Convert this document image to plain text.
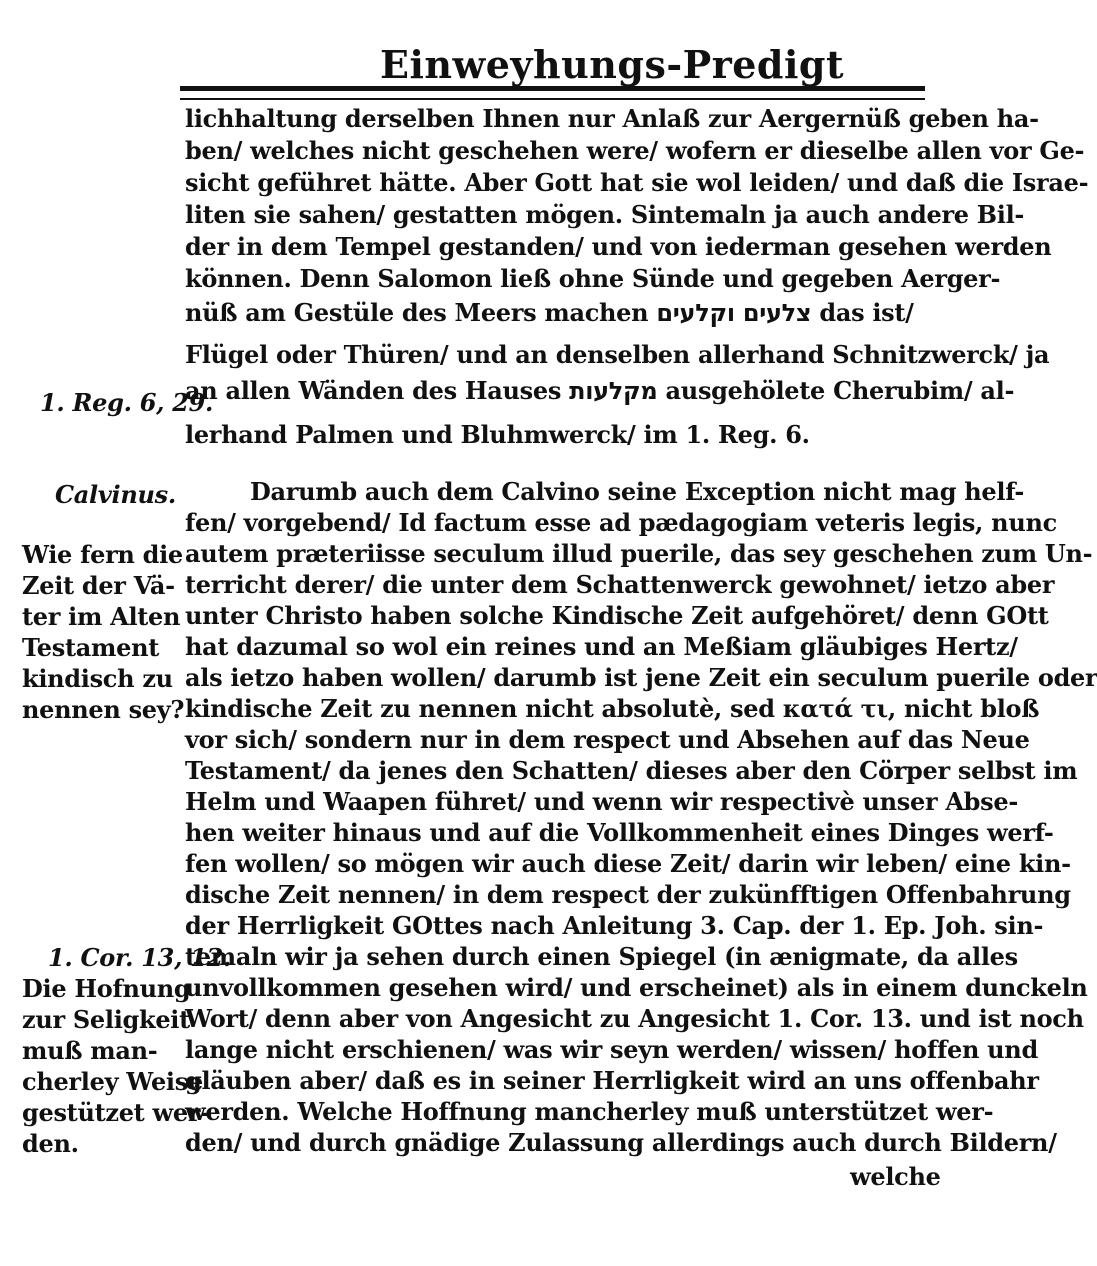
Einweyhungs-Predigt
lichhaltung derselben Ihnen nur Anlaß zur Aergernüß geben ha-
ben/ welches nicht geschehen were/ wofern er dieselbe allen vor Ge-
sicht geführet hätte. Aber Gott hat sie wol leiden/ und daß die Israe-
liten sie sahen/ gestatten mögen. Sintemaln ja auch andere Bil-
der in dem Tempel gestanden/ und von iederman gesehen werden
können. Denn Salomon ließ ohne Sünde und gegeben Aerger-
nüß am Gestüle des Meers machen צלעים וקלעים das ist/
Flügel oder Thüren/ und an denselben allerhand Schnitzwerck/ ja
an allen Wänden des Hauses מקלעות ausgehölete Cherubim/ al-
lerhand Palmen und Bluhmwerck/ im 1. Reg. 6.
Darumb auch dem Calvino seine Exception nicht mag helf-
fen/ vorgebend/ Id factum esse ad pædagogiam veteris legis, nunc
autem præteriisse seculum illud puerile, das sey geschehen zum Un-
terricht derer/ die unter dem Schattenwerck gewohnet/ ietzo aber
unter Christo haben solche Kindische Zeit aufgehöret/ denn GOtt
hat dazumal so wol ein reines und an Meßiam gläubiges Hertz/
als ietzo haben wollen/ darumb ist jene Zeit ein seculum puerile oder
kindische Zeit zu nennen nicht absolutè, sed κατά τι, nicht bloß
vor sich/ sondern nur in dem respect und Absehen auf das Neue
Testament/ da jenes den Schatten/ dieses aber den Cörper selbst im
Helm und Waapen führet/ und wenn wir respectivè unser Abse-
hen weiter hinaus und auf die Vollkommenheit eines Dinges werf-
fen wollen/ so mögen wir auch diese Zeit/ darin wir leben/ eine kin-
dische Zeit nennen/ in dem respect der zukünfftigen Offenbahrung
der Herrligkeit GOttes nach Anleitung 3. Cap. der 1. Ep. Joh. sin-
temaln wir ja sehen durch einen Spiegel (in ænigmate, da alles
unvollkommen gesehen wird/ und erscheinet) als in einem dunckeln
Wort/ denn aber von Angesicht zu Angesicht 1. Cor. 13. und ist noch
lange nicht erschienen/ was wir seyn werden/ wissen/ hoffen und
gläuben aber/ daß es in seiner Herrligkeit wird an uns offenbahr
werden. Welche Hoffnung mancherley muß unterstützet wer-
den/ und durch gnädige Zulassung allerdings auch durch Bildern/
welche
1. Reg. 6, 29.
Calvinus.
Wie fern die
Zeit der Vä-
ter im Alten
Testament
kindisch zu
nennen sey?
1. Cor. 13, 12.
Die Hofnung
zur Seligkeit
muß man-
cherley Weise
gestützet wer-
den.
